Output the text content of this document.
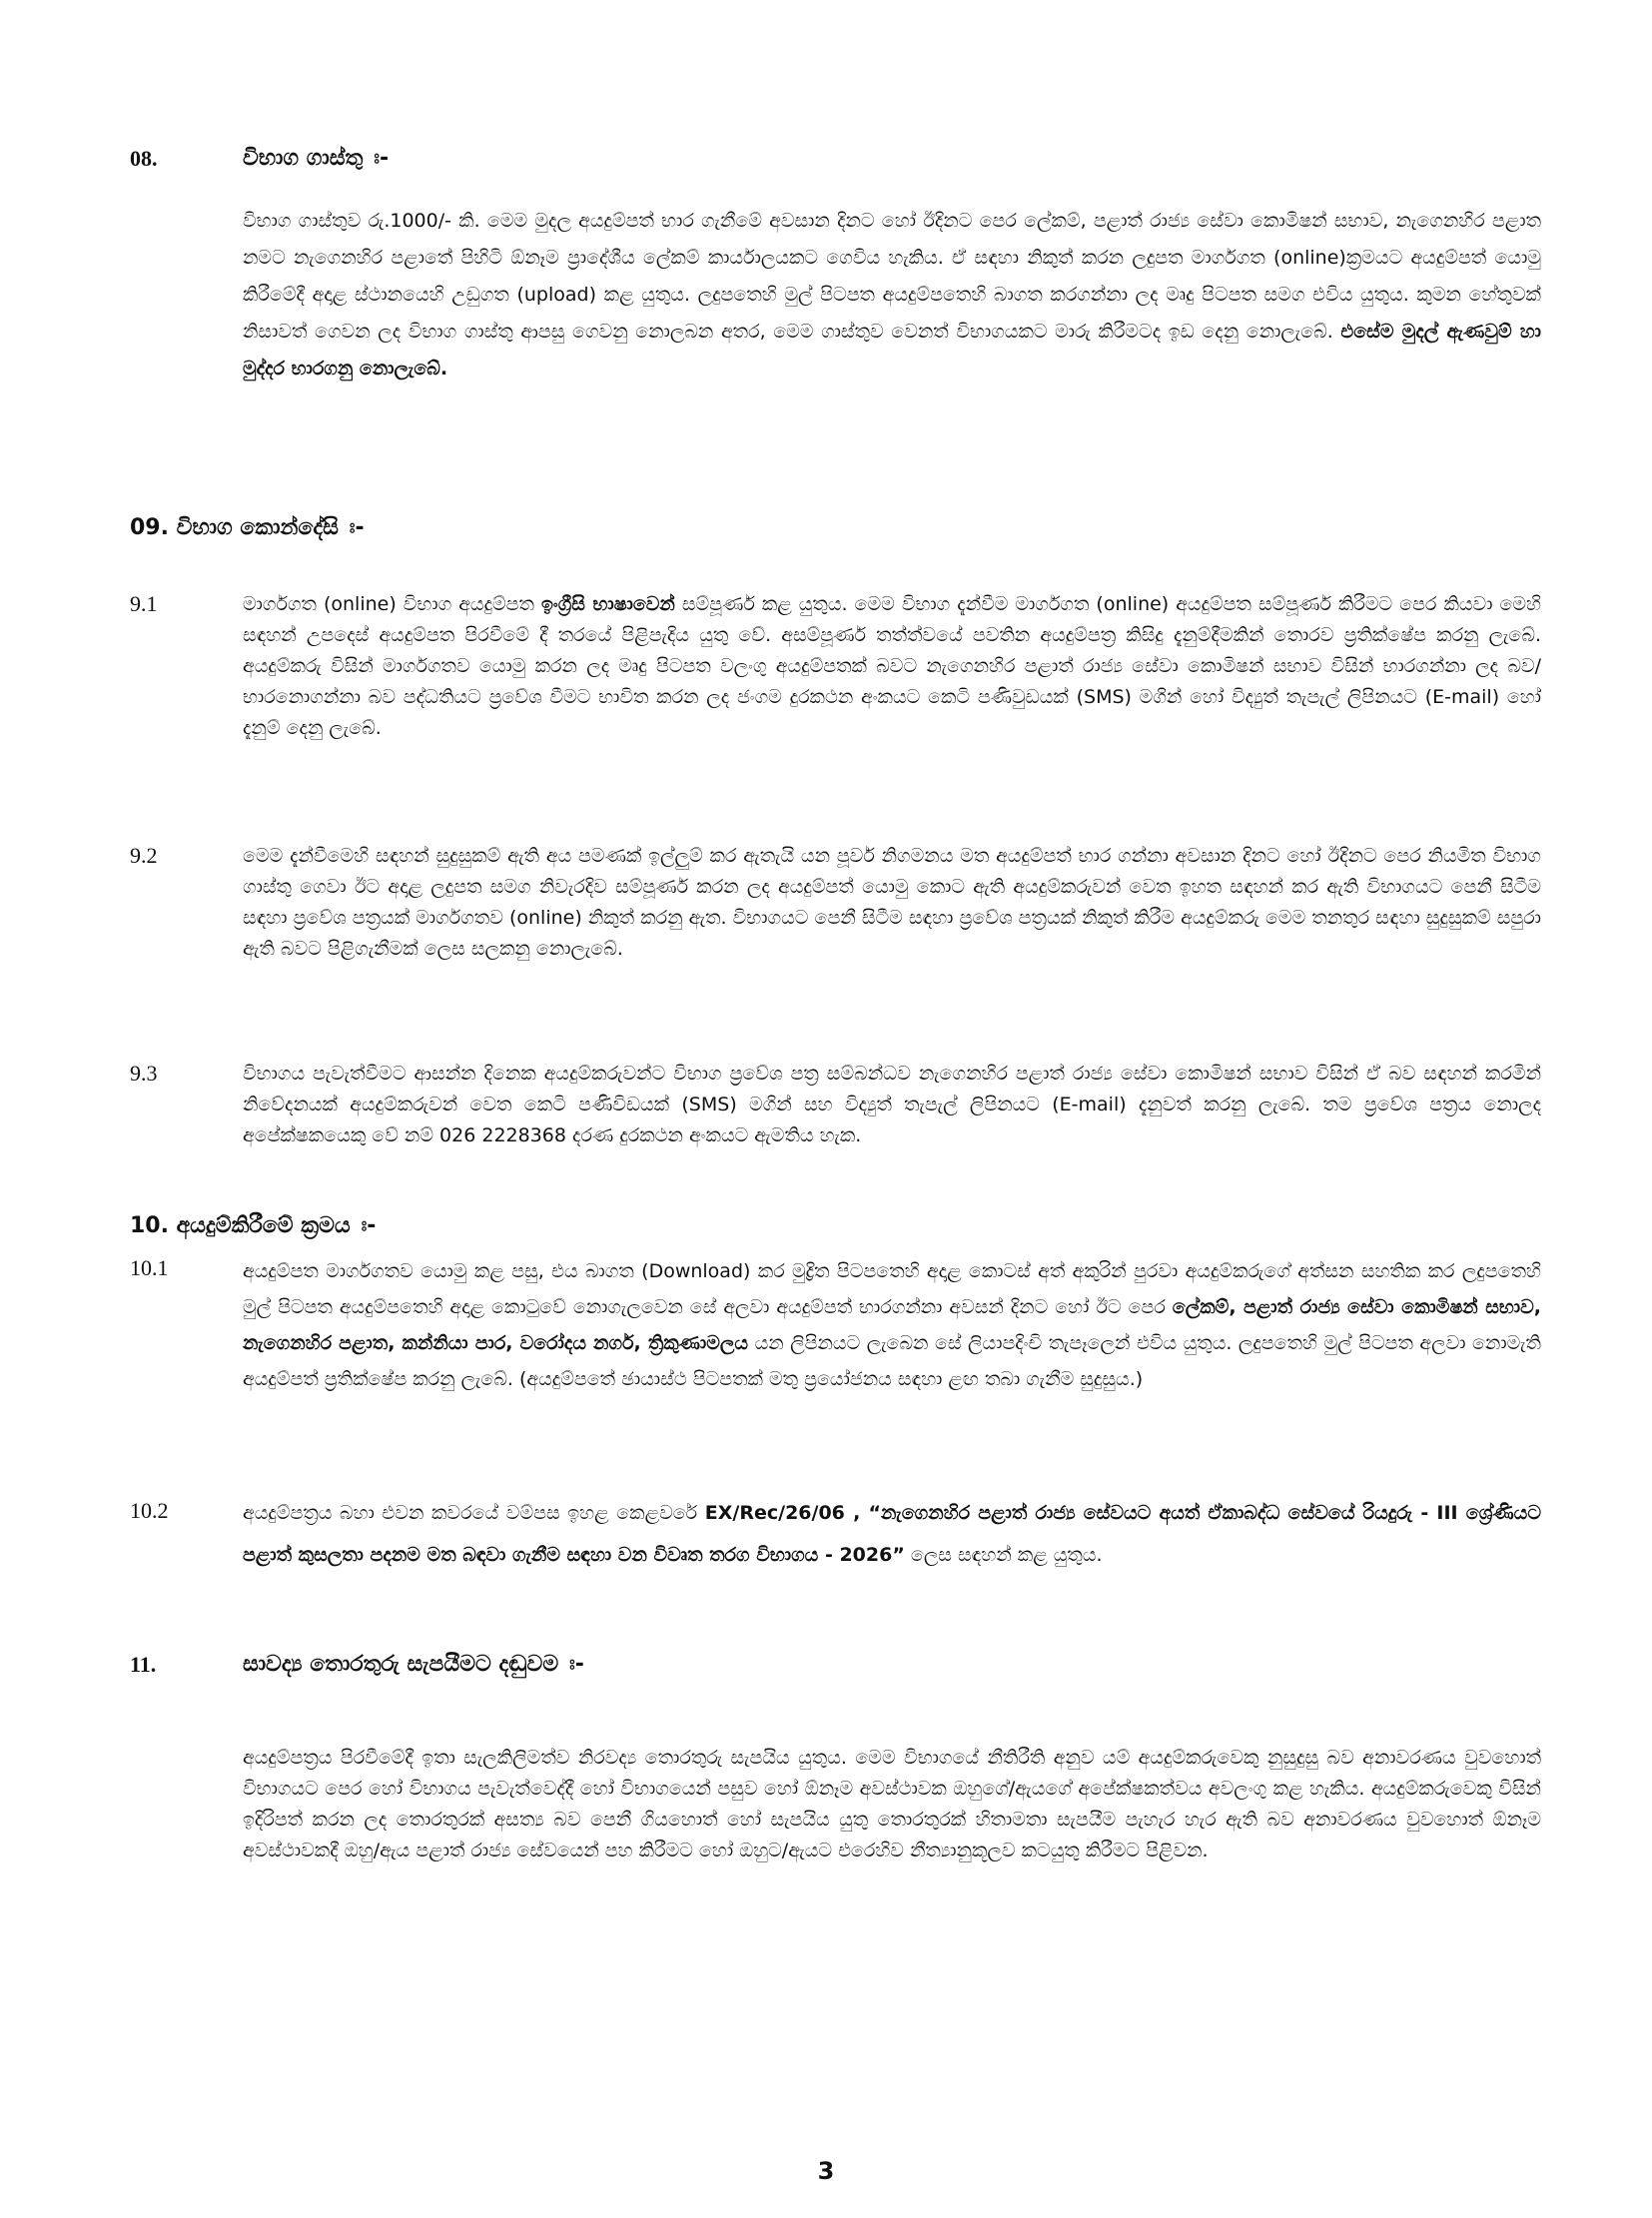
08.	විභාග ගාස්තු ඃ-
විභාග ගාස්තුව රු.1000/- කි. මෙම මුදල අයදුම්පත් භාර ගැනීමේ අවසාන දිනට හෝ ඊදිනට පෙර ලේකම්, පළාත් රාජ්‍ය සේවා කොමිෂන් සභාව, නැගෙනහිර පළාත නමට නැගෙනහිර පළාතේ පිහිටි ඕනෑම ප්‍රාදේශීය ලේකම් කාර්යාලයකට ගෙවිය හැකිය. ඒ සඳහා නිකුත් කරන ලදුපත මාර්ගගත (online)ක්‍රමයට අයදුම්පත් යොමු කිරීමේදී අදාළ ස්ථානයෙහි උඩුගත (upload) කළ යුතුය. ලදුපතෙහි මුල් පිටපත අයදුම්පතෙහි බාගත කරගන්නා ලද මෘදු පිටපත සමග එවිය යුතුය. කුමන හේතුවක් නිසාවත් ගෙවන ලද විභාග ගාස්තු ආපසු ගෙවනු නොලබන අතර, මෙම ගාස්තුව වෙනත් විභාගයකට මාරු කිරීමටද ඉඩ දෙනු නොලැබේ. එසේම මුදල් ඇණවුම් හා මුද්දර භාරගනු නොලැබේ.
09. විභාග කොන්දේසි ඃ-
9.1	මාර්ගගත (online) විභාග අයදුම්පත ඉංග්‍රීසි භාෂාවෙන් සම්පූර්ණ කළ යුතුය. මෙම විභාග දැන්වීම මාර්ගගත (online) අයදුම්පත සම්පූර්ණ කිරීමට පෙර කියවා මෙහි සඳහන් උපදෙස් අයදුම්පත පිරවීමේ දී තරයේ පිළිපැදිය යුතු වේ. අසම්පූර්ණ තත්ත්වයේ පවතින අයදුම්පත්‍ර කිසිදු දැනුම්දීමකින් තොරව ප්‍රතික්ෂේප කරනු ලැබේ. අයදුම්කරු විසින් මාර්ගගතව යොමු කරන ලද මෘදු පිටපත වලංගු අයදුම්පතක් බවට නැගෙනහිර පළාත් රාජ්‍ය සේවා කොමිෂන් සභාව විසින් භාරගන්නා ලද බව/ භාරනොගන්නා බව පද්ධතියට ප්‍රවේශ වීමට භාවිත කරන ලද ජංගම දුරකථන අංකයට කෙටි පණිවුඩයක් (SMS) මගින් හෝ විද්‍යුත් තැපැල් ලිපිනයට (E-mail) හෝ දැනුම් දෙනු ලැබේ.
9.2	මෙම දැන්වීමෙහි සඳහන් සුදුසුකම් ඇති අය පමණක් ඉල්ලුම් කර ඇතැයි යන පූර්ව නිගමනය මත අයදුම්පත් භාර ගන්නා අවසාන දිනට හෝ ඊදිනට පෙර නියමිත විභාග ගාස්තු ගෙවා ඊට අදාළ ලදුපත සමග නිවැරදිව සම්පූර්ණ කරන ලද අයදුම්පත් යොමු කොට ඇති අයදුම්කරුවන් වෙත ඉහත සඳහන් කර ඇති විභාගයට පෙනී සිටීම සඳහා ප්‍රවේශ පත්‍රයක් මාර්ගගතව (online) නිකුත් කරනු ඇත. විභාගයට පෙනී සිටීම සඳහා ප්‍රවේශ පත්‍රයක් නිකුත් කිරීම අයදුම්කරු මෙම තනතුර සඳහා සුදුසුකම් සපුරා ඇති බවට පිළිගැනීමක් ලෙස සලකනු නොලැබේ.
9.3	විභාගය පැවැත්වීමට ආසන්න දිනෙක අයදුම්කරුවන්ට විභාග ප්‍රවේශ පත්‍ර සම්බන්ධව නැගෙනහිර පළාත් රාජ්‍ය සේවා කොමිෂන් සභාව විසින් ඒ බව සඳහන් කරමින් නිවේදනයක් අයදුම්කරුවන් වෙත කෙටි පණිවිඩයක් (SMS) මගින් සහ විද්‍යුත් තැපැල් ලිපිනයට (E-mail) දැනුවත් කරනු ලැබේ. තම ප්‍රවේශ පත්‍රය නොලද අපේක්ෂකයෙකු වේ නම් 026 2228368 දරණ දුරකථන අංකයට ඇමතිය හැක.
10. අයදුම්කිරීමේ ක්‍රමය ඃ-
10.1	අයදුම්පත මාර්ගගතව යොමු කළ පසු, එය බාගත (Download) කර මුද්‍රිත පිටපතෙහි අදාළ කොටස් අත් අකුරින් පුරවා අයදුම්කරුගේ අත්සන සහතික කර ලදුපතෙහි මුල් පිටපත අයදුම්පතෙහි අදාළ කොටුවේ නොගැලවෙන සේ අලවා අයදුම්පත් භාරගන්නා අවසන් දිනට හෝ ඊට පෙර ලේකම්, පළාත් රාජ්‍ය සේවා කොමිෂන් සභාව, නැගෙනහිර පළාත, කන්නියා පාර, වරෝදය නගර්, ත්‍රිකුණාමලය යන ලිපිනයට ලැබෙන සේ ලියාපදිංචි තැපෑලෙන් එවිය යුතුය. ලදුපතෙහි මුල් පිටපත අලවා නොමැති අයදුම්පත් ප්‍රතික්ෂේප කරනු ලැබේ. (අයදුම්පතේ ඡායාස්ථ පිටපතක් මතු ප්‍රයෝජනය සඳහා ළඟ තබා ගැනීම සුදුසුය.)
10.2	අයදුම්පත්‍රය බහා එවන කවරයේ වම්පස ඉහළ කෙළවරේ EX/Rec/26/06 , “නැගෙනහිර පළාත් රාජ්‍ය සේවයට අයත් ඒකාබද්ධ සේවයේ රියදුරු - III ශ්‍රේණියට පළාත් කුසලතා පදනම මත බඳවා ගැනීම සඳහා වන විවෘත තරග විභාගය - 2026” ලෙස සඳහන් කළ යුතුය.
11.	සාවද්‍ය තොරතුරු සැපයීමට දඬුවම ඃ-
අයදුම්පත්‍රය පිරවීමේදී ඉතා සැලකිලිමත්ව නිරවද්‍ය තොරතුරු සැපයිය යුතුය. මෙම විභාගයේ නීතිරීති අනුව යම් අයදුම්කරුවෙකු නුසුදුසු බව අනාවරණය වුවහොත් විභාගයට පෙර හෝ විභාගය පැවැත්වෙද්දී හෝ විභාගයෙන් පසුව හෝ ඕනෑම අවස්ථාවක ඔහුගේ/ඇයගේ අපේක්ෂකත්වය අවලංගු කළ හැකිය. අයදුම්කරුවෙකු විසින් ඉදිරිපත් කරන ලද තොරතුරක් අසත්‍ය බව පෙනී ගියහොත් හෝ සැපයිය යුතු තොරතුරක් හිතාමතා සැපයීම පැහැර හැර ඇති බව අනාවරණය වුවහොත් ඕනෑම අවස්ථාවකදී ඔහු/ඇය පළාත් රාජ්‍ය සේවයෙන් පහ කිරීමට හෝ ඔහුට/ඇයට එරෙහිව නීත්‍යානුකූලව කටයුතු කිරීමට පිළිවන.
3
